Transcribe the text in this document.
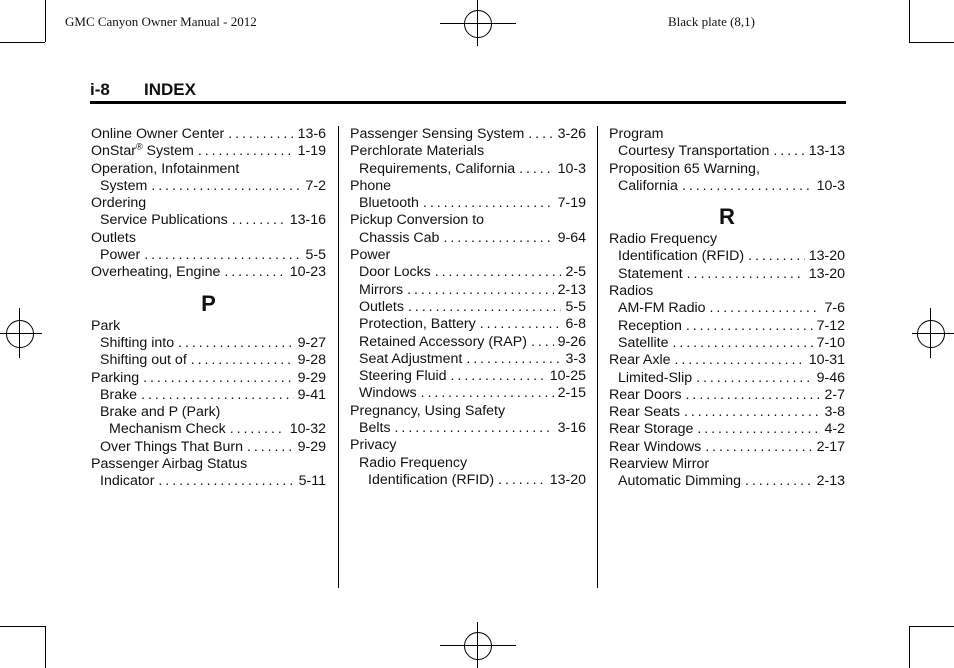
GMC Canyon Owner Manual - 2012	Black plate (8,1)
i-8 INDEX
Online Owner Center . . .	13-6
OnStar® System . . .	1-19
Operation, Infotainment
System . . .	7-2
Ordering
Service Publications . . .	13-16
Outlets
Power . . .	5-5
Overheating, Engine . . .	10-23
P
Park
Shifting into . . .	9-27
Shifting out of . . .	9-28
Parking . . .	9-29
Brake . . .	9-41
Brake and P (Park)
Mechanism Check . . .	10-32
Over Things That Burn . . .	9-29
Passenger Airbag Status
Indicator . . .	5-11
Passenger Sensing System . . . 3-26
Perchlorate Materials
Requirements, California . . .	10-3
Phone
Bluetooth . . .	7-19
Pickup Conversion to
Chassis Cab . . .	9-64
Power
Door Locks . . .	2-5
Mirrors . . .	2-13
Outlets . . .	5-5
Protection, Battery . . .	6-8
Retained Accessory (RAP) . . . 9-26
Seat Adjustment . . .	3-3
Steering Fluid . . .	10-25
Windows . . .	2-15
Pregnancy, Using Safety
Belts . . .	3-16
Privacy
Radio Frequency
Identification (RFID) . . .	13-20
Program
Courtesy Transportation . . .	13-13
Proposition 65 Warning,
California . . .	10-3
R
Radio Frequency
Identification (RFID) . . .	13-20
Statement . . .	13-20
Radios
AM-FM Radio . . .	7-6
Reception . . .	7-12
Satellite . . .	7-10
Rear Axle . . .	10-31
Limited-Slip . . .	9-46
Rear Doors . . .	2-7
Rear Seats . . .	3-8
Rear Storage . . .	4-2
Rear Windows . . .	2-17
Rearview Mirror
Automatic Dimming . . .	2-13
